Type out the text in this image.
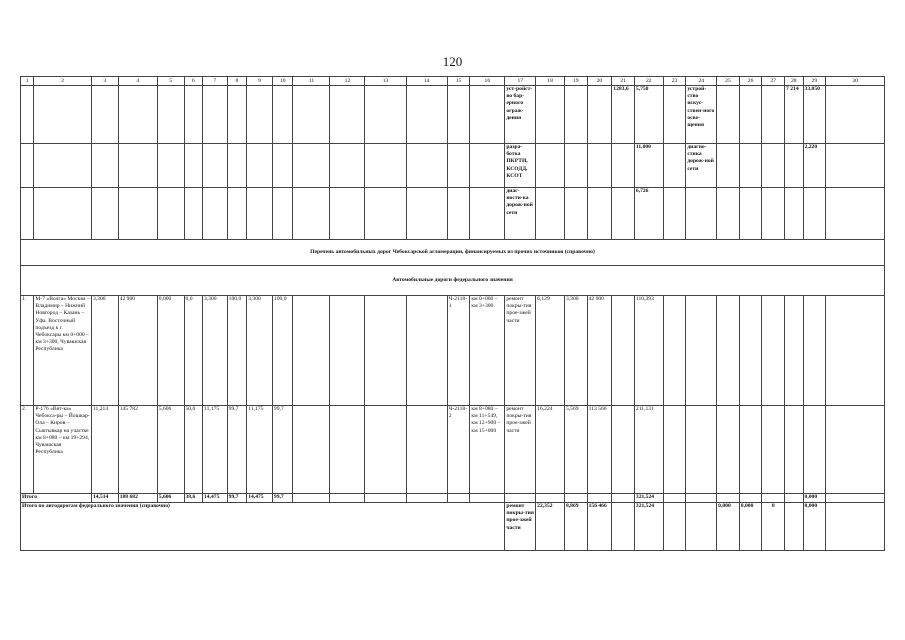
120
1	2	3	4	5	6	7	8	9	10	11	12	13	14	15	16	17	18	19	20	21	22	23	24	25	26	27	28	29	30
																уст-ройст-во бар-ерного ограж-дения				1283,6	5,750		устрой-ство искус-ствен-ного осве-щения				7 214	33,050	
																разра-ботка ПКРТИ, КСОДД, КСОТ					11,000		диагно-стика дорож-ной сети					2,220	
																диаг-ности-ка дорож-ной сети					6,726								
Перечень автомобильных дорог Чебоксарской агломерации, финансируемых из прочих источников (справочно)																													
Автомобильные дороги федерального значения																													
1.	М-7 «Волга» Москва – Владимир – Нижний Новгород – Казань – Уфа. Восточный подъезд к г. Чебоксары км 0+000 – км 3+300, Чувашская Республика	3,300	42 900	0,000	0,0	3,300	100,0	3,300	100,0					Ч-2118-1	км 0+000 – км 3+300	ремонт покры-тия прое-зжей части	6,129	3,300	42 900		110,393								
2.	Р-176 «Вят-ка» Чебокса-ры – Йошкар-Ола – Киров – Сыктывкар на участке км 8+080 – км 19+294, Чувашская Республика	11,214	145 782	5,606	50,0	11,175	99,7	11,175	99,7					Ч-2118-2	км 8+080 – км 11+549, км 12+900 – км 15+000	ремонт покры-тия прое-зжей части	16,224	5,569	113 566		211,131								
Итого		14,514	188 682	5,606	38,6	14,475	99,7	14,475	99,7												321,524							0,000	
Итого по автодорогам федерального значения (справочно)																ремонт покры-тия прое-зжей части	22,352	8,869	156 466		321,524			0,000	0,000	0		0,000	
